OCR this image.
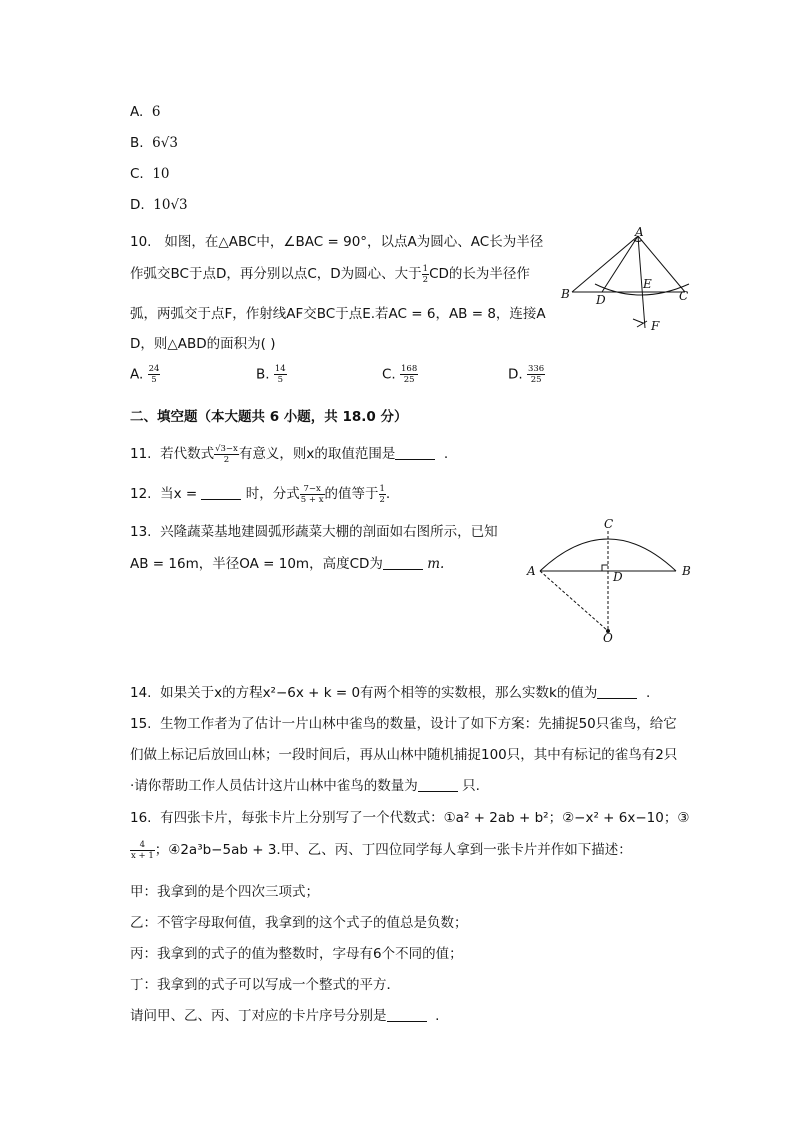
A. 6
B. 6√3
C. 10
D. 10√3
10. 如图，在△ABC中，∠BAC = 90°，以点A为圆心、AC长为半径
作弧交BC于点D，再分别以点C，D为圆心、大于 $\frac{1}{2}$ CD的长为半径作
弧，两弧交于点F，作射线AF交BC于点E.若AC = 6，AB = 8，连接A
D，则△ABD的面积为( )
A. $\frac{24}{5}$	B. $\frac{14}{5}$	C. $\frac{168}{25}$	D. $\frac{336}{25}$
A
B	C
D
E
F
二、填空题（本大题共 6 小题，共 18.0 分）
11. 若代数式 $\frac{√3-x}{2}$ 有意义，则x的取值范围是	.
12. 当x =	时，分式 $\frac{7-x}{5 + x}$ 的值等于 $\frac{1}{2}$ .
13. 兴隆蔬菜基地建圆弧形蔬菜大棚的剖面如右图所示，已知
AB = 16m，半径OA = 10m，高度CD为	m.
C
A	B
D
O
14. 如果关于x的方程x²−6x + k = 0有两个相等的实数根，那么实数k的值为	.
15. 生物工作者为了估计一片山林中雀鸟的数量，设计了如下方案：先捕捉50只雀鸟，给它
们做上标记后放回山林；一段时间后，再从山林中随机捕捉100只，其中有标记的雀鸟有2只
·请你帮助工作人员估计这片山林中雀鸟的数量为	只.
16. 有四张卡片，每张卡片上分别写了一个代数式：①a² + 2ab + b²；②−x² + 6x−10；③
$\frac{4}{x + 1}$ ；④2a³b−5ab + 3.甲、乙、丙、丁四位同学每人拿到一张卡片并作如下描述：
甲：我拿到的是个四次三项式；
乙：不管字母取何值，我拿到的这个式子的值总是负数；
丙：我拿到的式子的值为整数时，字母有6个不同的值；
丁：我拿到的式子可以写成一个整式的平方．
请问甲、乙、丙、丁对应的卡片序号分别是	.
